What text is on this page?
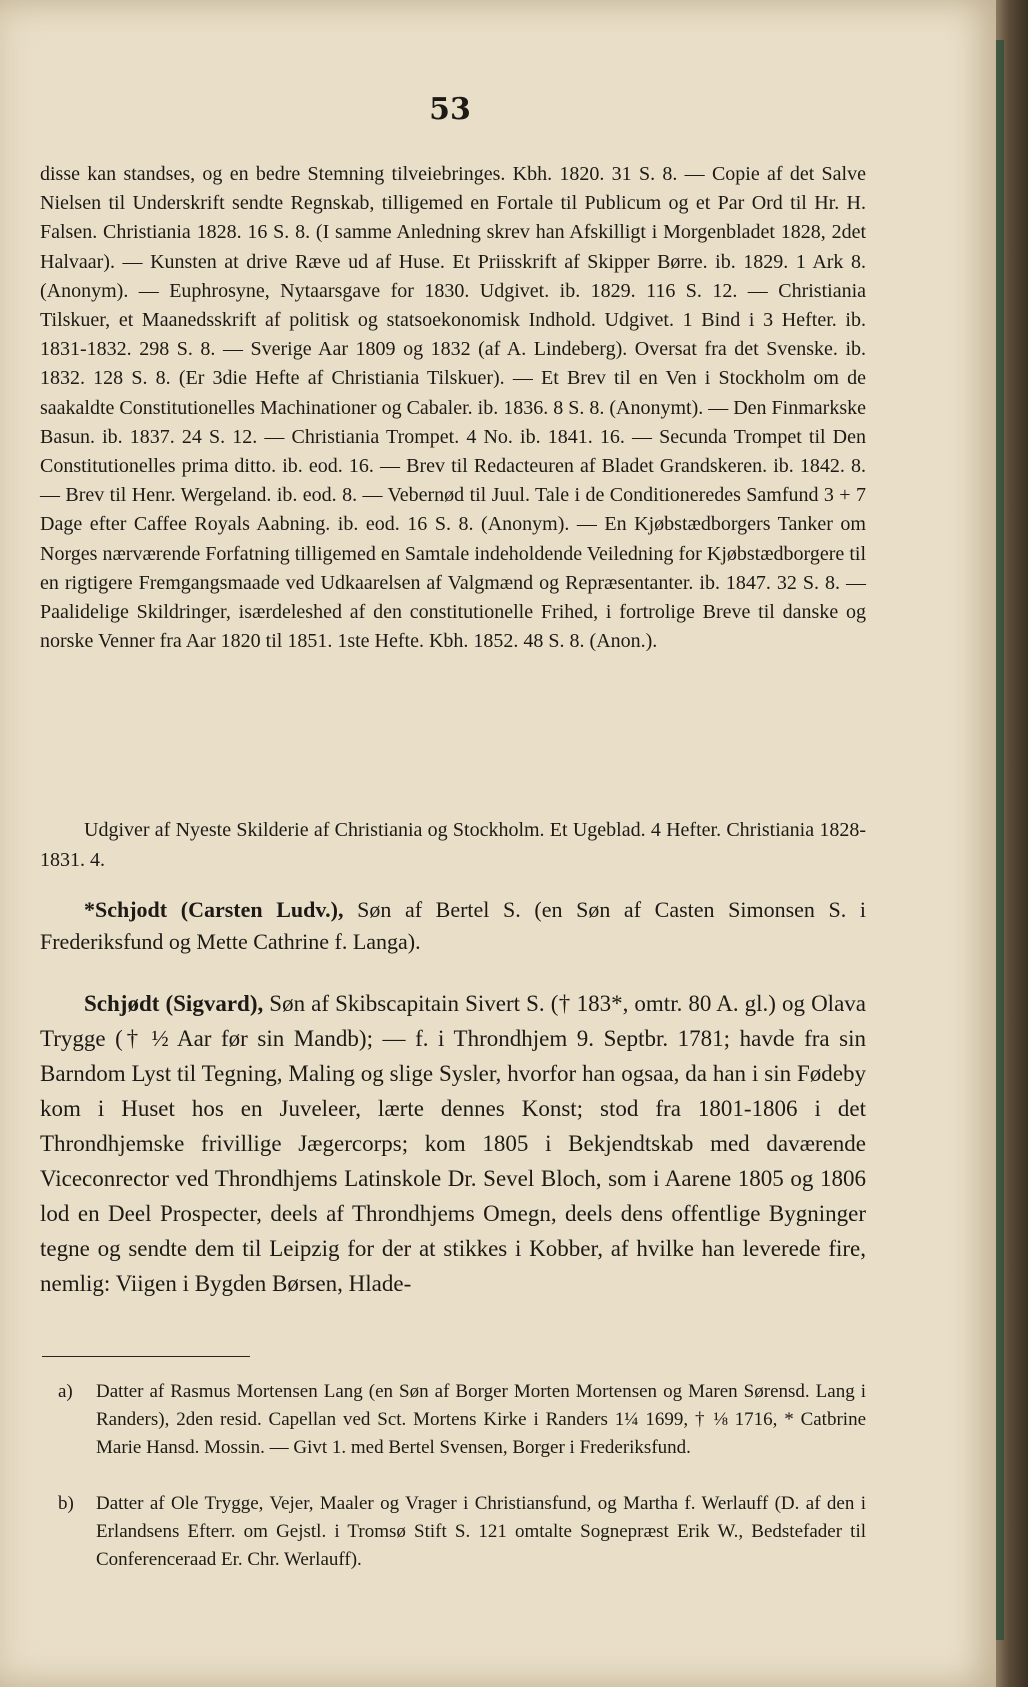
53

disse kan standses, og en bedre Stemning tilveiebringes. Kbh. 1820. 31 S. 8. — Copie af det Salve Nielsen til Underskrift sendte Regnskab, tilligemed en Fortale til Publicum og et Par Ord til Hr. H. Falsen. Christiania 1828. 16 S. 8. (I samme Anledning skrev han Afskilligt i Morgenbladet 1828, 2det Halvaar). — Kunsten at drive Ræve ud af Huse. Et Priisskrift af Skipper Børre. ib. 1829. 1 Ark 8. (Anonym). — Euphrosyne, Nytaarsgave for 1830. Udgivet. ib. 1829. 116 S. 12. — Christiania Tilskuer, et Maanedsskrift af politisk og statsoekonomisk Indhold. Udgivet. 1 Bind i 3 Hefter. ib. 1831-1832. 298 S. 8. — Sverige Aar 1809 og 1832 (af A. Lindeberg). Oversat fra det Svenske. ib. 1832. 128 S. 8. (Er 3die Hefte af Christiania Tilskuer). — Et Brev til en Ven i Stockholm om de saakaldte Constitutionelles Machinationer og Cabaler. ib. 1836. 8 S. 8. (Anonymt). — Den Finmarkske Basun. ib. 1837. 24 S. 12. — Christiania Trompet. 4 No. ib. 1841. 16. — Secunda Trompet til Den Constitutionelles prima ditto. ib. eod. 16. — Brev til Redacteuren af Bladet Grandskeren. ib. 1842. 8. — Brev til Henr. Wergeland. ib. eod. 8. — Vebernød til Juul. Tale i de Conditioneredes Samfund 3 + 7 Dage efter Caffee Royals Aabning. ib. eod. 16 S. 8. (Anonym). — En Kjøbstædborgers Tanker om Norges nærværende Forfatning tilligemed en Samtale indeholdende Veiledning for Kjøbstædborgere til en rigtigere Fremgangsmaade ved Udkaarelsen af Valgmænd og Repræsentanter. ib. 1847. 32 S. 8. — Paalidelige Skildringer, isærdeleshed af den constitutionelle Frihed, i fortrolige Breve til danske og norske Venner fra Aar 1820 til 1851. 1ste Hefte. Kbh. 1852. 48 S. 8. (Anon.).

Udgiver af Nyeste Skilderie af Christiania og Stockholm. Et Ugeblad. 4 Hefter. Christiania 1828-1831. 4.

*Schjodt (Carsten Ludv.), Søn af Bertel S. (en Søn af Casten Simonsen S. i Frederiksfund og Mette Cathrine f. Langa).

Schjødt (Sigvard), Søn af Skibscapitain Sivert S. († 183*, omtr. 80 A. gl.) og Olava Trygge († ½ Aar før sin Mandb); — f. i Throndhjem 9. Septbr. 1781; havde fra sin Barndom Lyst til Tegning, Maling og slige Sysler, hvorfor han ogsaa, da han i sin Fødeby kom i Huset hos en Juveleer, lærte dennes Konst; stod fra 1801-1806 i det Throndhjemske frivillige Jægercorps; kom 1805 i Bekjendtskab med daværende Viceconrector ved Throndhjems Latinskole Dr. Sevel Bloch, som i Aarene 1805 og 1806 lod en Deel Prospecter, deels af Throndhjems Omegn, deels dens offentlige Bygninger tegne og sendte dem til Leipzig for der at stikkes i Kobber, af hvilke han leverede fire, nemlig: Viigen i Bygden Børsen, Hlade-

a) Datter af Rasmus Mortensen Lang (en Søn af Borger Morten Mortensen og Maren Sørensd. Lang i Randers), 2den resid. Capellan ved Sct. Mortens Kirke i Randers 1¼ 1699, † ⅛ 1716, * Catbrine Marie Hansd. Mossin. — Givt 1. med Bertel Svensen, Borger i Frederiksfund.
b) Datter af Ole Trygge, Vejer, Maaler og Vrager i Christiansfund, og Martha f. Werlauff (D. af den i Erlandsens Efterr. om Gejstl. i Tromsø Stift S. 121 omtalte Sognepræst Erik W., Bedstefader til Conferenceraad Er. Chr. Werlauff).
